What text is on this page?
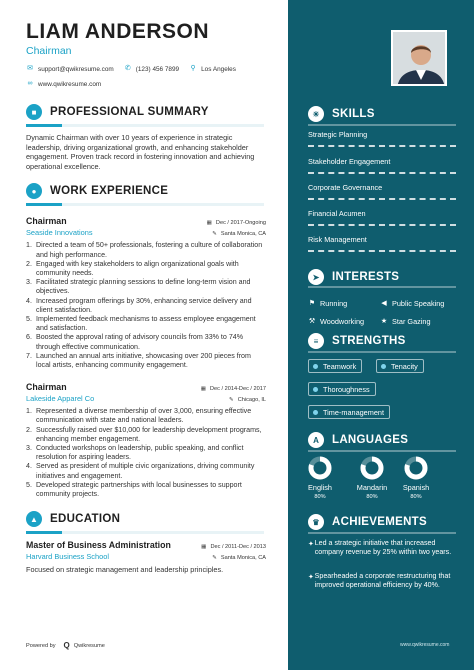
LIAM ANDERSON
Chairman
✉ support@qwikresume.com ✆ (123) 456 7899 ⚲ Los Angeles
∞ www.qwikresume.com
■	PROFESSIONAL SUMMARY
Dynamic Chairman with over 10 years of experience in strategic leadership, driving organizational growth, and enhancing stakeholder engagement. Proven track record in fostering innovation and achieving operational excellence.
●	WORK EXPERIENCE
Chairman	▦ Dec / 2017-Ongoing
Seaside Innovations	✎ Santa Monica, CA
1. Directed a team of 50+ professionals, fostering a culture of collaboration and high performance.
2. Engaged with key stakeholders to align organizational goals with community needs.
3. Facilitated strategic planning sessions to define long-term vision and objectives.
4. Increased program offerings by 30%, enhancing service delivery and client satisfaction.
5. Implemented feedback mechanisms to assess employee engagement and satisfaction.
6. Boosted the approval rating of advisory councils from 33% to 74% through effective communication.
7. Launched an annual arts initiative, showcasing over 200 pieces from local artists, enhancing community engagement.
Chairman	▦ Dec / 2014-Dec / 2017
Lakeside Apparel Co	✎ Chicago, IL
1. Represented a diverse membership of over 3,000, ensuring effective communication with state and national leaders.
2. Successfully raised over $10,000 for leadership development programs, enhancing member engagement.
3. Conducted workshops on leadership, public speaking, and conflict resolution for aspiring leaders.
4. Served as president of multiple civic organizations, driving community initiatives and engagement.
5. Developed strategic partnerships with local businesses to support community projects.
▲	EDUCATION
Master of Business Administration	▦ Dec / 2011-Dec / 2013
Harvard Business School	✎ Santa Monica, CA
Focused on strategic management and leadership principles.
Powered by Q Qwikresume
☀	SKILLS
Strategic Planning
Stakeholder Engagement
Corporate Governance
Financial Acumen
Risk Management
➤	INTERESTS
⚑ Running	◀ Public Speaking

⚒ Woodworking ★ Star Gazing
≡	STRENGTHS
Teamwork	Tenacity
Thoroughness
Time-management
A	LANGUAGES
English
80%
Mandarin
80%
Spanish
80%
♛	ACHIEVEMENTS
✦ Led a strategic initiative that increased company revenue by 25% within two years.
✦ Spearheaded a corporate restructuring that improved operational efficiency by 40%.
www.qwikresume.com
